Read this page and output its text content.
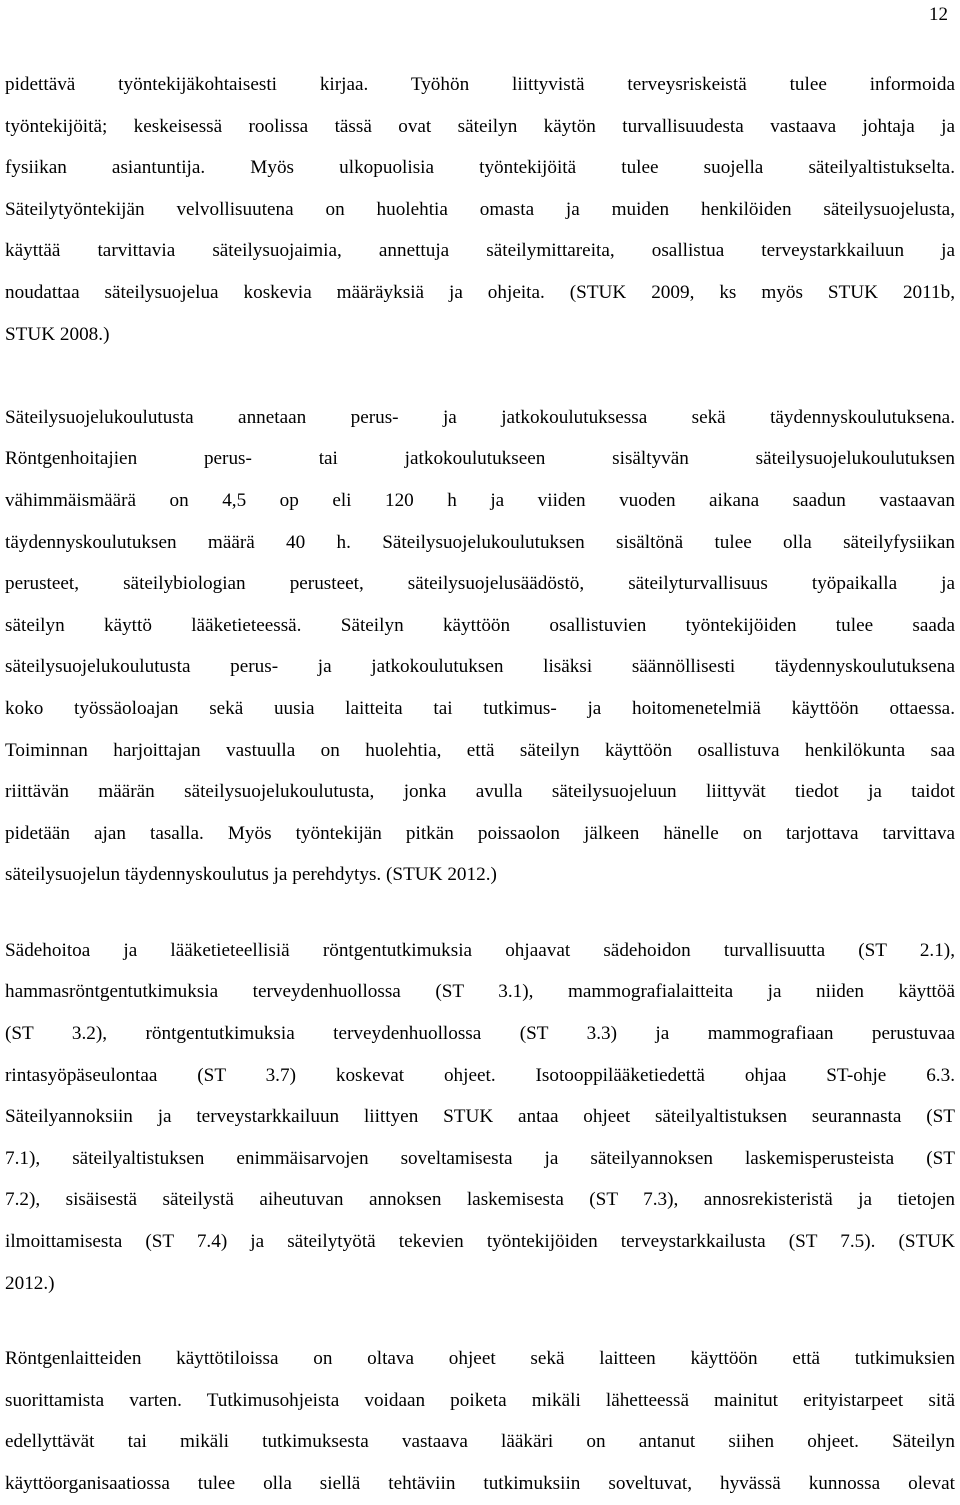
12

pidettävä työntekijäkohtaisesti kirjaa. Työhön liittyvistä terveysriskeistä tulee informoida
työntekijöitä; keskeisessä roolissa tässä ovat säteilyn käytön turvallisuudesta vastaava johtaja ja
fysiikan asiantuntija. Myös ulkopuolisia työntekijöitä tulee suojella säteilyaltistukselta.
Säteilytyöntekijän velvollisuutena on huolehtia omasta ja muiden henkilöiden säteilysuojelusta,
käyttää tarvittavia säteilysuojaimia, annettuja säteilymittareita, osallistua terveystarkkailuun ja
noudattaa säteilysuojelua koskevia määräyksiä ja ohjeita. (STUK 2009, ks myös STUK 2011b,
STUK 2008.)

Säteilysuojelukoulutusta annetaan perus- ja jatkokoulutuksessa sekä täydennyskoulutuksena.
Röntgenhoitajien perus- tai jatkokoulutukseen sisältyvän säteilysuojelukoulutuksen
vähimmäismäärä on 4,5 op eli 120 h ja viiden vuoden aikana saadun vastaavan
täydennyskoulutuksen määrä 40 h. Säteilysuojelukoulutuksen sisältönä tulee olla säteilyfysiikan
perusteet, säteilybiologian perusteet, säteilysuojelusäädöstö, säteilyturvallisuus työpaikalla ja
säteilyn käyttö lääketieteessä. Säteilyn käyttöön osallistuvien työntekijöiden tulee saada
säteilysuojelukoulutusta perus- ja jatkokoulutuksen lisäksi säännöllisesti täydennyskoulutuksena
koko työssäoloajan sekä uusia laitteita tai tutkimus- ja hoitomenetelmiä käyttöön ottaessa.
Toiminnan harjoittajan vastuulla on huolehtia, että säteilyn käyttöön osallistuva henkilökunta saa
riittävän määrän säteilysuojelukoulutusta, jonka avulla säteilysuojeluun liittyvät tiedot ja taidot
pidetään ajan tasalla. Myös työntekijän pitkän poissaolon jälkeen hänelle on tarjottava tarvittava
säteilysuojelun täydennyskoulutus ja perehdytys. (STUK 2012.)

Sädehoitoa ja lääketieteellisiä röntgentutkimuksia ohjaavat sädehoidon turvallisuutta (ST 2.1),
hammasröntgentutkimuksia terveydenhuollossa (ST 3.1), mammografialaitteita ja niiden käyttöä
(ST 3.2), röntgentutkimuksia terveydenhuollossa (ST 3.3) ja mammografiaan perustuvaa
rintasyöpäseulontaa (ST 3.7) koskevat ohjeet. Isotooppilääketiedettä ohjaa ST-ohje 6.3.
Säteilyannoksiin ja terveystarkkailuun liittyen STUK antaa ohjeet säteilyaltistuksen seurannasta (ST
7.1), säteilyaltistuksen enimmäisarvojen soveltamisesta ja säteilyannoksen laskemisperusteista (ST
7.2), sisäisestä säteilystä aiheutuvan annoksen laskemisesta (ST 7.3), annosrekisteristä ja tietojen
ilmoittamisesta (ST 7.4) ja säteilytyötä tekevien työntekijöiden terveystarkkailusta (ST 7.5). (STUK
2012.)

Röntgenlaitteiden käyttötiloissa on oltava ohjeet sekä laitteen käyttöön että tutkimuksien
suorittamista varten. Tutkimusohjeista voidaan poiketa mikäli lähetteessä mainitut erityistarpeet sitä
edellyttävät tai mikäli tutkimuksesta vastaava lääkäri on antanut siihen ohjeet. Säteilyn
käyttöorganisaatiossa tulee olla siellä tehtäviin tutkimuksiin soveltuvat, hyvässä kunnossa olevat
